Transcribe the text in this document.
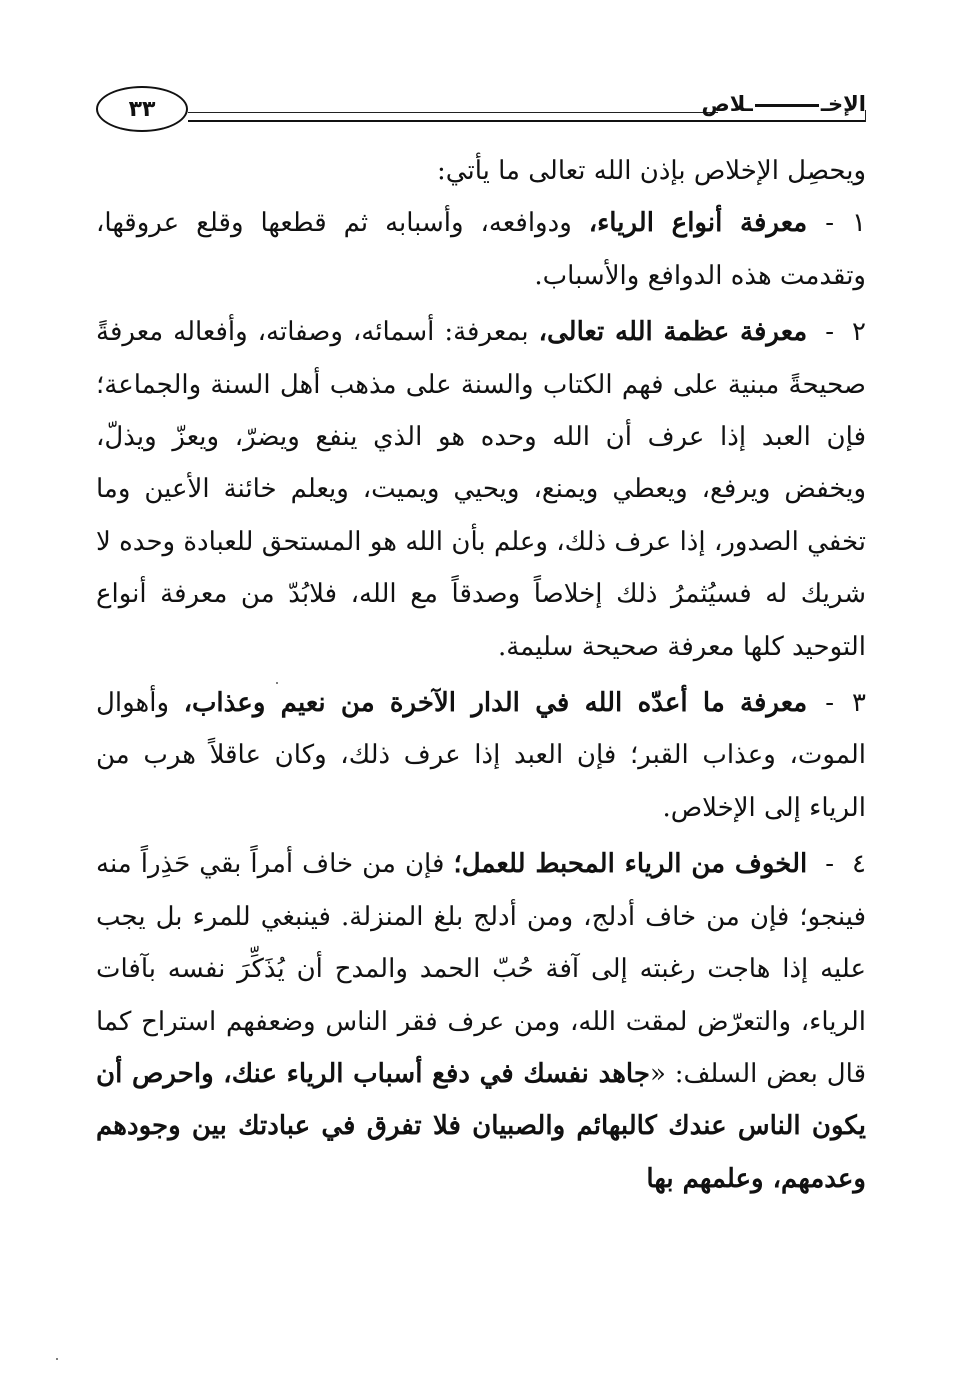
٣٣	الإخــلاص

ويحصِل الإخلاص بإذن الله تعالى ما يأتي:

١-معرفة أنواع الرياء، ودوافعه، وأسبابه ثم قطعها وقلع عروقها، وتقدمت هذه الدوافع والأسباب.

٢-معرفة عظمة الله تعالى، بمعرفة: أسمائه، وصفاته، وأفعاله معرفةً صحيحةً مبنية على فهم الكتاب والسنة على مذهب أهل السنة والجماعة؛ فإن العبد إذا عرف أن الله وحده هو الذي ينفع ويضرّ، ويعزّ ويذلّ، ويخفض ويرفع، ويعطي ويمنع، ويحيي ويميت، ويعلم خائنة الأعين وما تخفي الصدور، إذا عرف ذلك، وعلم بأن الله هو المستحق للعبادة وحده لا شريك له فسيُثمرُ ذلك إخلاصاً وصدقاً مع الله، فلابُدّ من معرفة أنواع التوحيد كلها معرفة صحيحة سليمة.

٣-معرفة ما أعدّه الله في الدار الآخرة من نعيم وعذاب، وأهوال الموت، وعذاب القبر؛ فإن العبد إذا عرف ذلك، وكان عاقلاً هرب من الرياء إلى الإخلاص.

٤-الخوف من الرياء المحبط للعمل؛ فإن من خاف أمراً بقي حَذِراً منه فينجو؛ فإن من خاف أدلج، ومن أدلج بلغ المنزلة. فينبغي للمرء بل يجب عليه إذا هاجت رغبته إلى آفة حُبّ الحمد والمدح أن يُذَكِّرَ نفسه بآفات الرياء، والتعرّض لمقت الله، ومن عرف فقر الناس وضعفهم استراح كما قال بعض السلف: «جاهد نفسك في دفع أسباب الرياء عنك، واحرص أن يكون الناس عندك كالبهائم والصبيان فلا تفرق في عبادتك بين وجودهم وعدمهم، وعلمهم بها
